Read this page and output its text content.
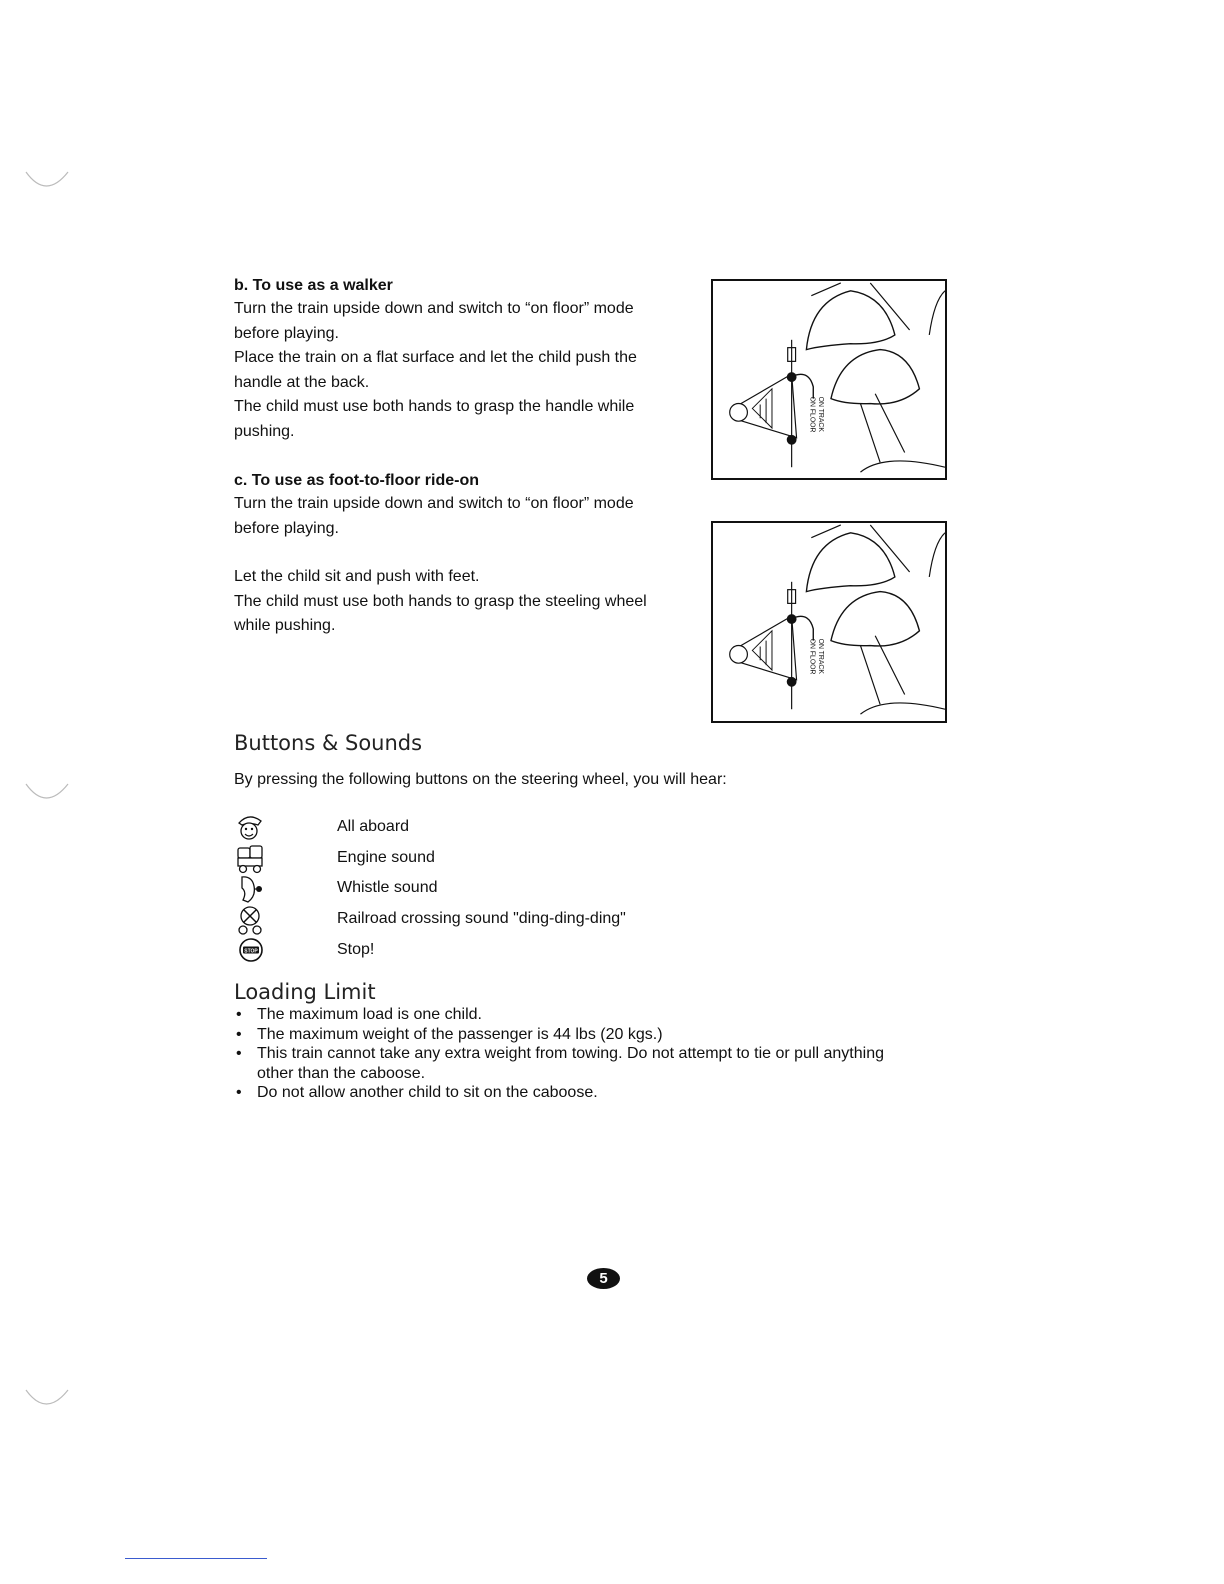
b. To use as a walker

Turn the train upside down and switch to “on floor” mode

before playing.

Place the train on a flat surface and let the child push the

handle at the back.

The child must use both hands to grasp the handle while

pushing.

c. To use as foot-to-floor ride-on

Turn the train upside down and switch to “on floor” mode

before playing.

Let the child sit and push with feet.

The child must use both hands to grasp the steeling wheel

while pushing.

ON TRACK
ON FLOOR
ON TRACK
ON FLOOR
Buttons & Sounds
By pressing the following buttons on the steering wheel, you will hear:
All aboard
Engine sound
Whistle sound
Railroad crossing sound "ding-ding-ding"
STOP	Stop!
Loading Limit
• The maximum load is one child.
• The maximum weight of the passenger is 44 lbs (20 kgs.)
• This train cannot take any extra weight from towing. Do not attempt to tie or pull anything other than the caboose.
• Do not allow another child to sit on the caboose.
5
